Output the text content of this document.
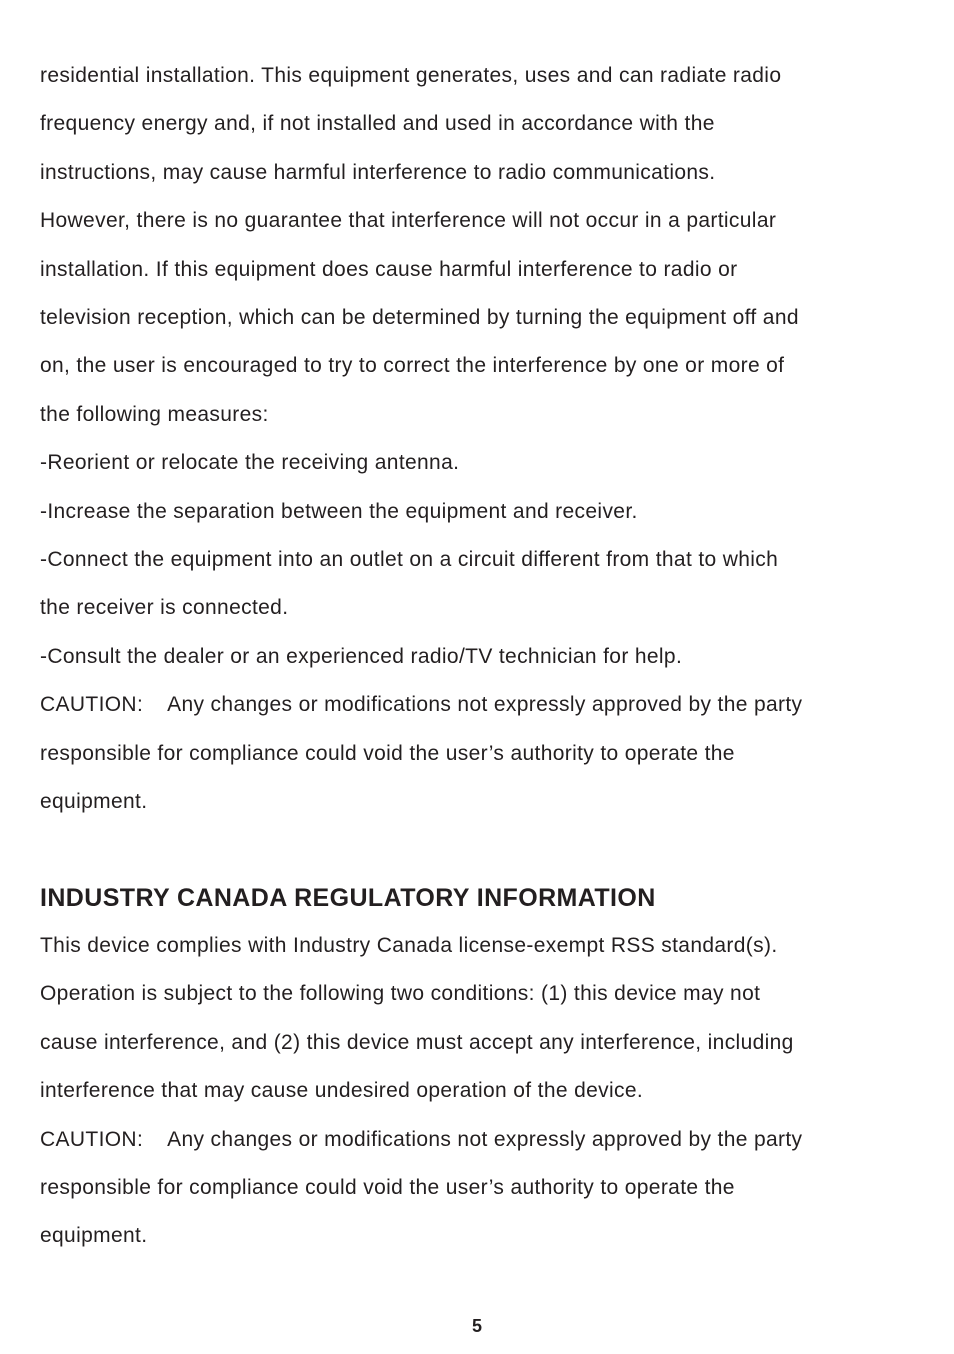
residential installation. This equipment generates, uses and can radiate radio
frequency energy and, if not installed and used in accordance with the
instructions, may cause harmful interference to radio communications.
However, there is no guarantee that interference will not occur in a particular
installation. If this equipment does cause harmful interference to radio or
television reception, which can be determined by turning the equipment off and
on, the user is encouraged to try to correct the interference by one or more of
the following measures:
-Reorient or relocate the receiving antenna.
-Increase the separation between the equipment and receiver.
-Connect the equipment into an outlet on a circuit different from that to which
the receiver is connected.
-Consult the dealer or an experienced radio/TV technician for help.
CAUTION: Any changes or modifications not expressly approved by the party
responsible for compliance could void the user’s authority to operate the
equipment.
INDUSTRY CANADA REGULATORY INFORMATION
This device complies with Industry Canada license-exempt RSS standard(s).
Operation is subject to the following two conditions: (1) this device may not
cause interference, and (2) this device must accept any interference, including
interference that may cause undesired operation of the device.
CAUTION: Any changes or modifications not expressly approved by the party
responsible for compliance could void the user’s authority to operate the
equipment.
5
